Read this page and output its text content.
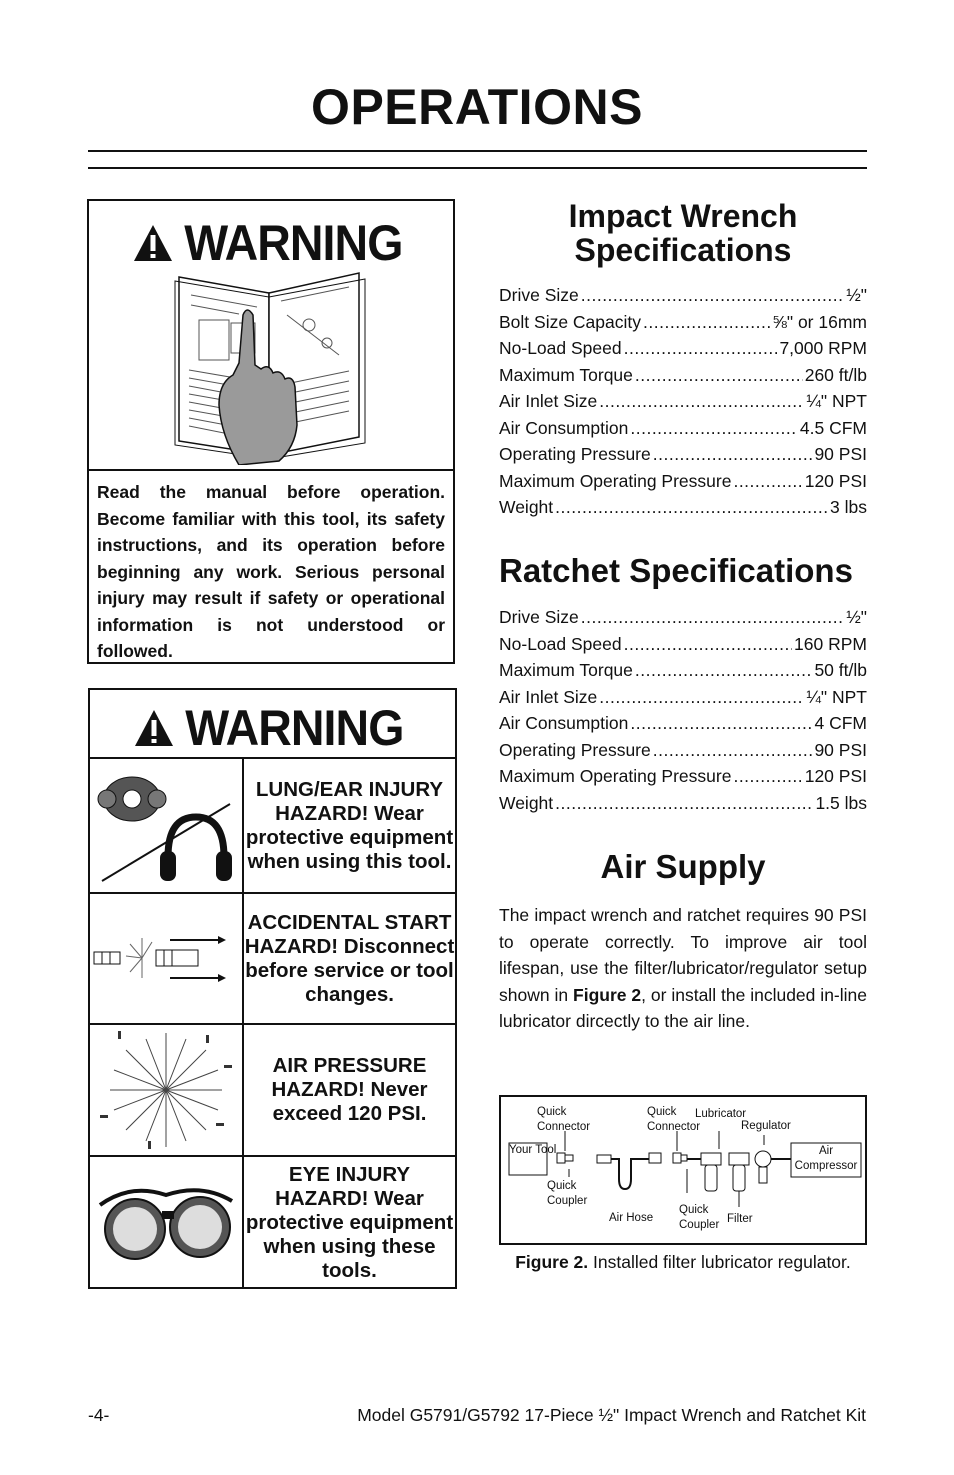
OPERATIONS
WARNING
Read the manual before operation. Become familiar with this tool, its safety instructions, and its operation before beginning any work. Serious personal injury may result if safety or operational information is not understood or followed.
WARNING
LUNG/EAR INJURY HAZARD! Wear protective equipment when using this tool.
ACCIDENTAL START HAZARD! Disconnect before service or tool changes.
AIR PRESSURE HAZARD! Never exceed 120 PSI.
EYE INJURY HAZARD! Wear protective equipment when using these tools.
Impact Wrench Specifications
Drive Size .....	½"
Bolt Size Capacity .....	⅝" or 16mm
No-Load Speed .....	7,000 RPM
Maximum Torque .....	260 ft/lb
Air Inlet Size .....	¼" NPT
Air Consumption .....	4.5 CFM
Operating Pressure .....	90 PSI
Maximum Operating Pressure .....	120 PSI
Weight .....	3 lbs
Ratchet Specifications
Drive Size .....	½"
No-Load Speed .....	160 RPM
Maximum Torque .....	50 ft/lb
Air Inlet Size .....	¼" NPT
Air Consumption .....	4 CFM
Operating Pressure .....	90 PSI
Maximum Operating Pressure .....	120 PSI
Weight .....	1.5 lbs
Air Supply
The impact wrench and ratchet requires 90 PSI to operate correctly. To improve air tool lifespan, use the filter/lubricator/regulator setup shown in Figure 2, or install the included in-line lubricator dircectly to the air line.
Your Tool
Quick Connector
Quick Coupler
Air Hose
Quick Connector
Quick Coupler
Lubricator
Filter
Regulator
Air Compressor
Figure 2. Installed filter lubricator regulator.
-4-	Model G5791/G5792 17-Piece ½" Impact Wrench and Ratchet Kit
